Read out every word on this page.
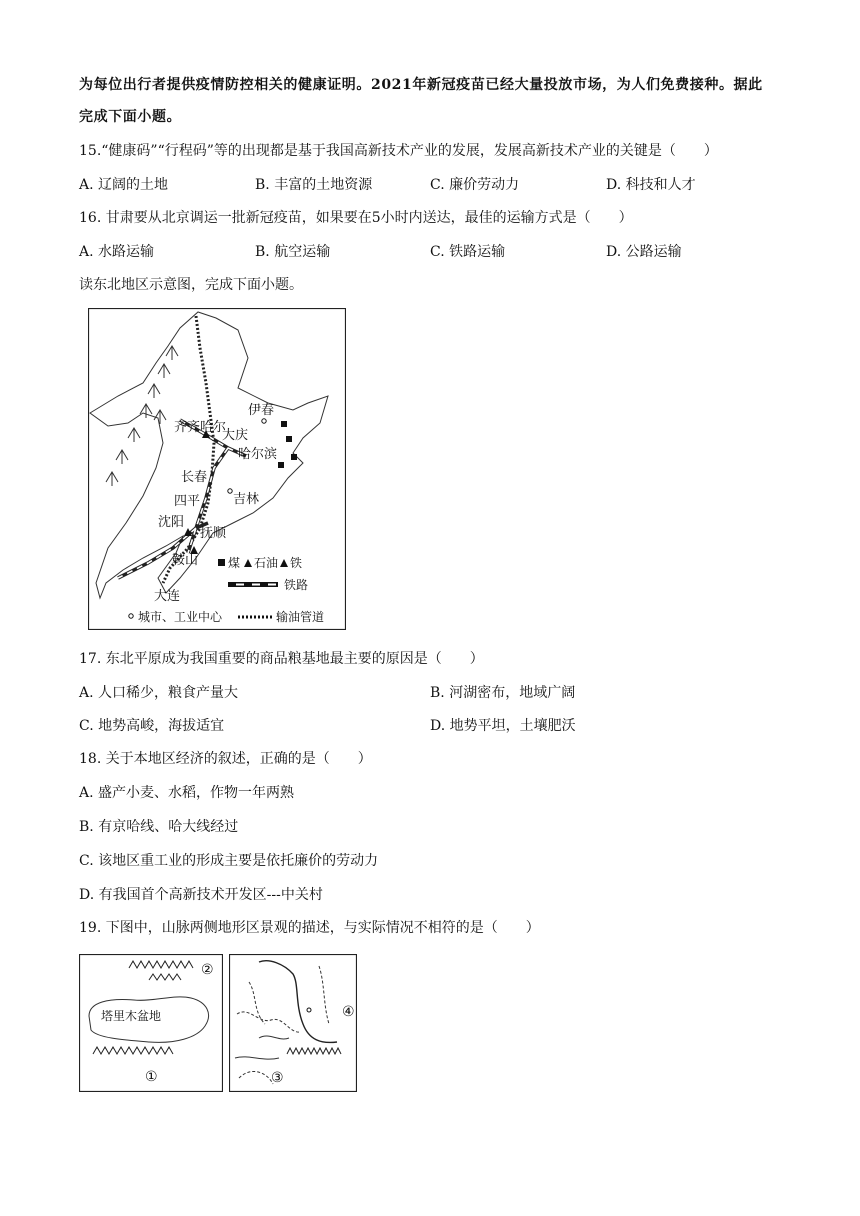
为每位出行者提供疫情防控相关的健康证明。2021年新冠疫苗已经大量投放市场，为人们免费接种。据此
完成下面小题。
15.“健康码”“行程码”等的出现都是基于我国高新技术产业的发展，发展高新技术产业的关键是（　　）
A. 辽阔的土地	B. 丰富的土地资源	C. 廉价劳动力	D. 科技和人才
16. 甘肃要从北京调运一批新冠疫苗，如果要在5小时内送达，最佳的运输方式是（　　）
A. 水路运输	B. 航空运输	C. 铁路运输	D. 公路运输
读东北地区示意图，完成下面小题。
齐齐哈尔
伊春
大庆
哈尔滨
长春
吉林
四平
沈阳
抚顺
鞍山
大连
煤 石油 铁
铁路
城市、工业中心	输油管道
17. 东北平原成为我国重要的商品粮基地最主要的原因是（　　）
A. 人口稀少，粮食产量大	B. 河湖密布，地域广阔
C. 地势高峻，海拔适宜	D. 地势平坦，土壤肥沃
18. 关于本地区经济的叙述，正确的是（　　）
A. 盛产小麦、水稻，作物一年两熟
B. 有京哈线、哈大线经过
C. 该地区重工业的形成主要是依托廉价的劳动力
D. 有我国首个高新技术开发区---中关村
19. 下图中，山脉两侧地形区景观的描述，与实际情况不相符的是（　　）
塔里木盆地
②
①
④
③
